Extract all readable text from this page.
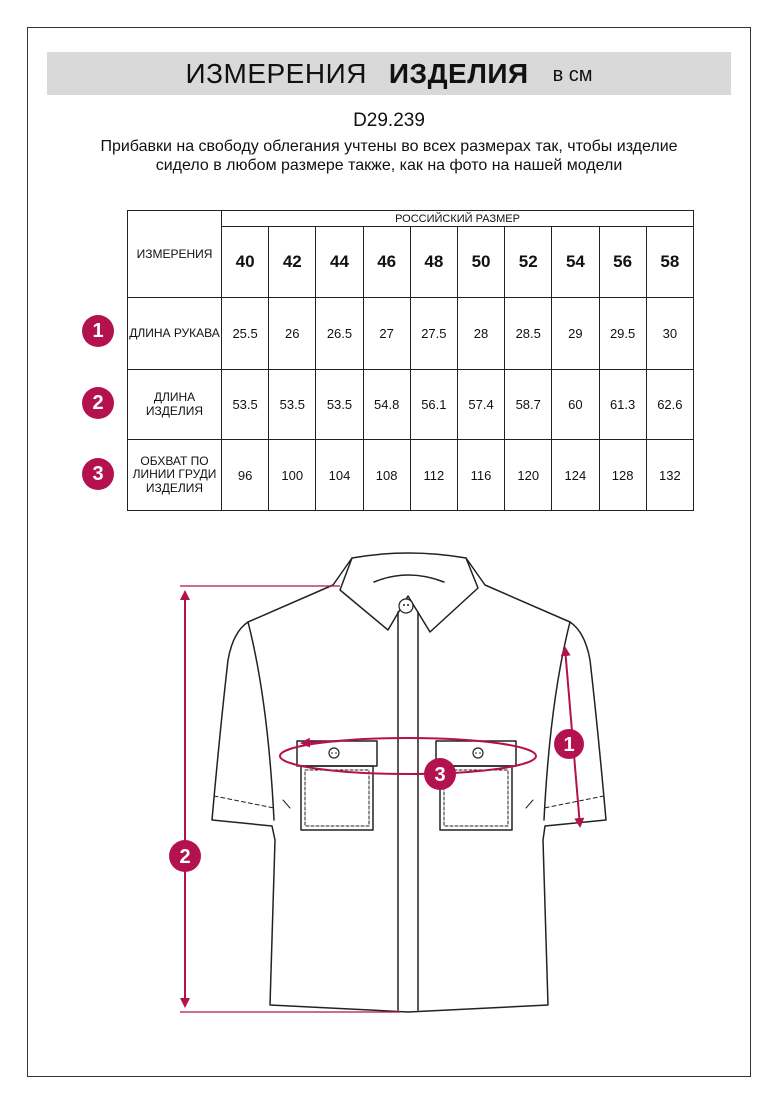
ИЗМЕРЕНИЯ ИЗДЕЛИЯ в см
D29.239
Прибавки на свободу облегания учтены во всех размерах так, чтобы изделие сидело в любом размере также, как на фото на нашей модели
ИЗМЕРЕНИЯ	РОССИЙСКИЙ РАЗМЕР									
	40	42	44	46	48	50	52	54	56	58
ДЛИНА РУКАВА	25.5	26	26.5	27	27.5	28	28.5	29	29.5	30
ДЛИНА ИЗДЕЛИЯ	53.5	53.5	53.5	54.8	56.1	57.4	58.7	60	61.3	62.6
ОБХВАТ ПО ЛИНИИ ГРУДИ ИЗДЕЛИЯ	96	100	104	108	112	116	120	124	128	132
1
2
3
1
2
3
